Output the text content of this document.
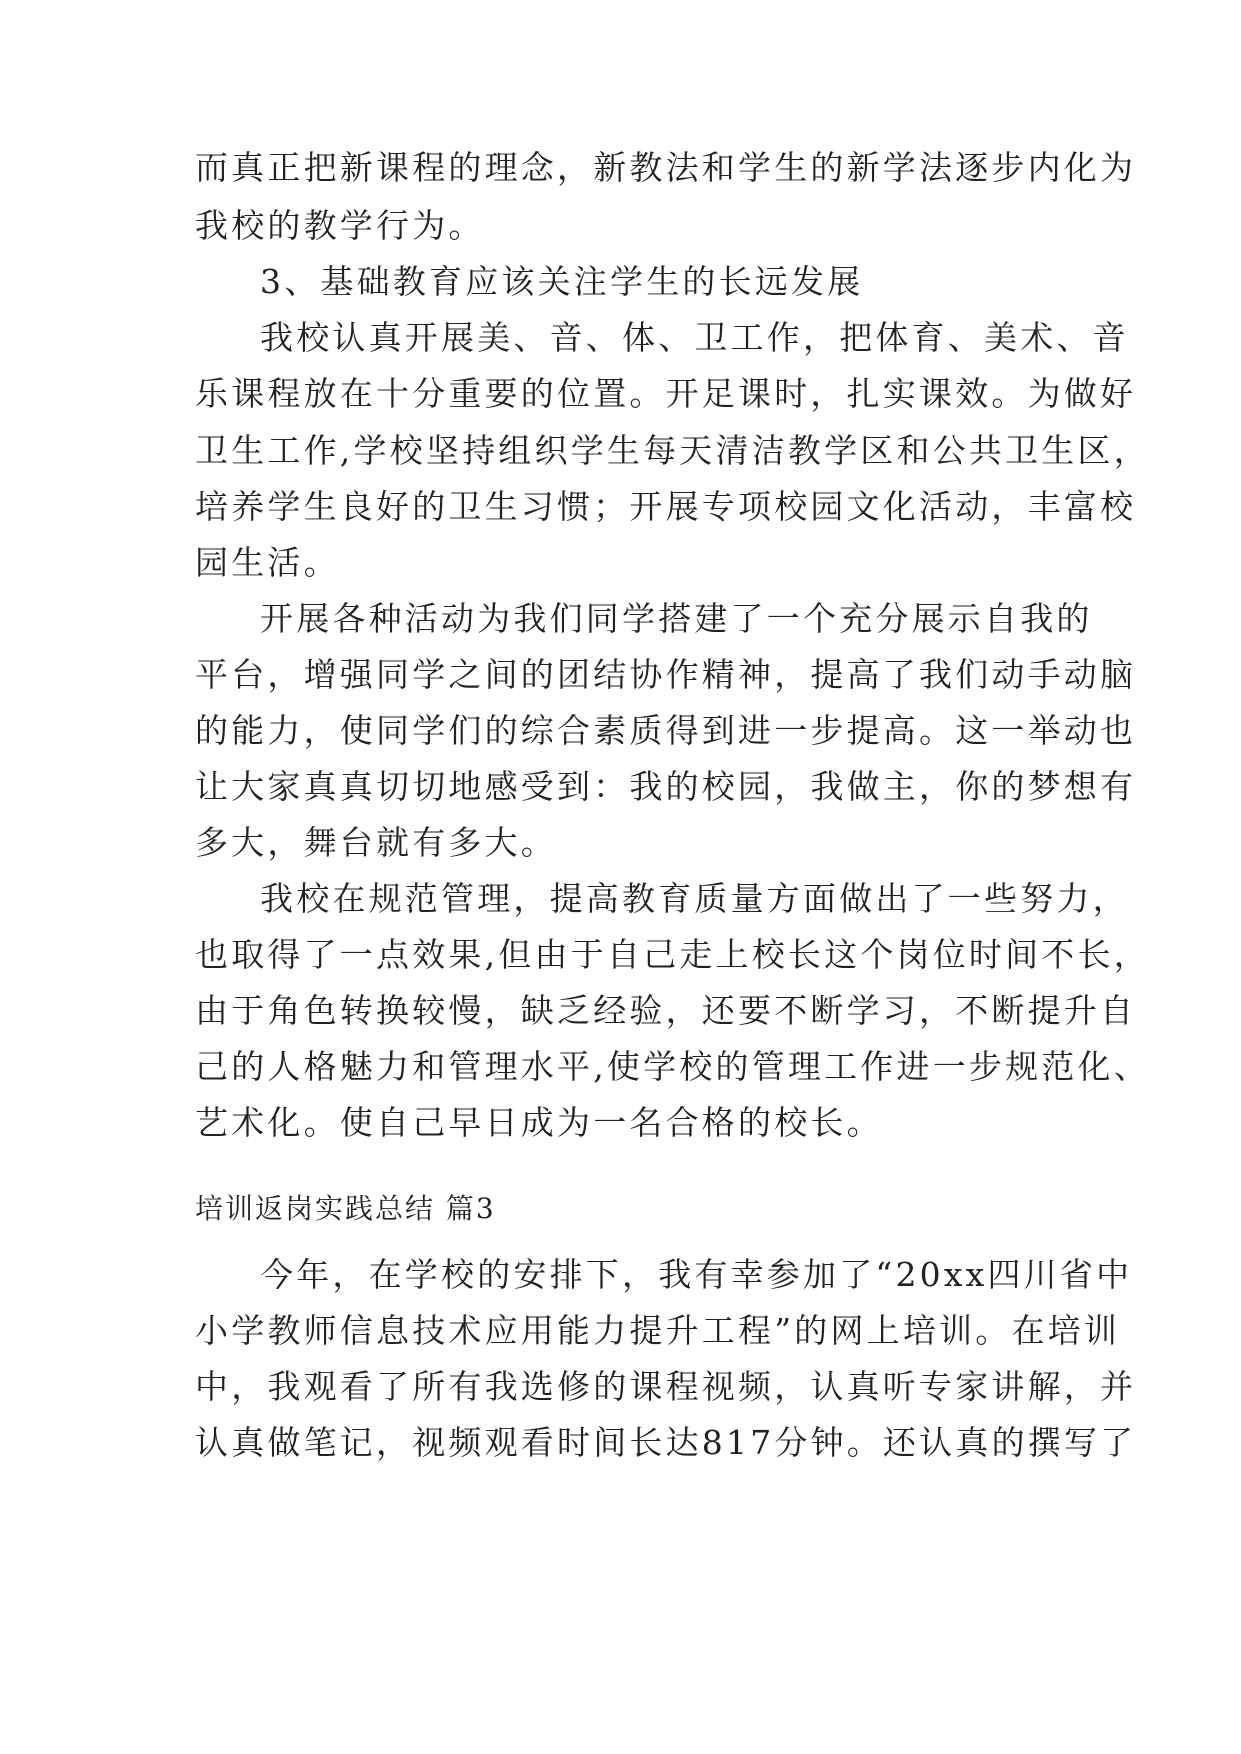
而真正把新课程的理念，新教法和学生的新学法逐步内化为
我校的教学行为。
3、基础教育应该关注学生的长远发展
我校认真开展美、音、体、卫工作，把体育、美术、音
乐课程放在十分重要的位置。开足课时，扎实课效。为做好
卫生工作,学校坚持组织学生每天清洁教学区和公共卫生区，
培养学生良好的卫生习惯；开展专项校园文化活动，丰富校
园生活。
开展各种活动为我们同学搭建了一个充分展示自我的
平台，增强同学之间的团结协作精神，提高了我们动手动脑
的能力，使同学们的综合素质得到进一步提高。这一举动也
让大家真真切切地感受到：我的校园，我做主，你的梦想有
多大，舞台就有多大。
我校在规范管理，提高教育质量方面做出了一些努力，
也取得了一点效果,但由于自己走上校长这个岗位时间不长，
由于角色转换较慢，缺乏经验，还要不断学习，不断提升自
己的人格魅力和管理水平,使学校的管理工作进一步规范化、
艺术化。使自己早日成为一名合格的校长。
培训返岗实践总结 篇3
今年，在学校的安排下，我有幸参加了“20xx四川省中
小学教师信息技术应用能力提升工程”的网上培训。在培训
中，我观看了所有我选修的课程视频，认真听专家讲解，并
认真做笔记，视频观看时间长达817分钟。还认真的撰写了
